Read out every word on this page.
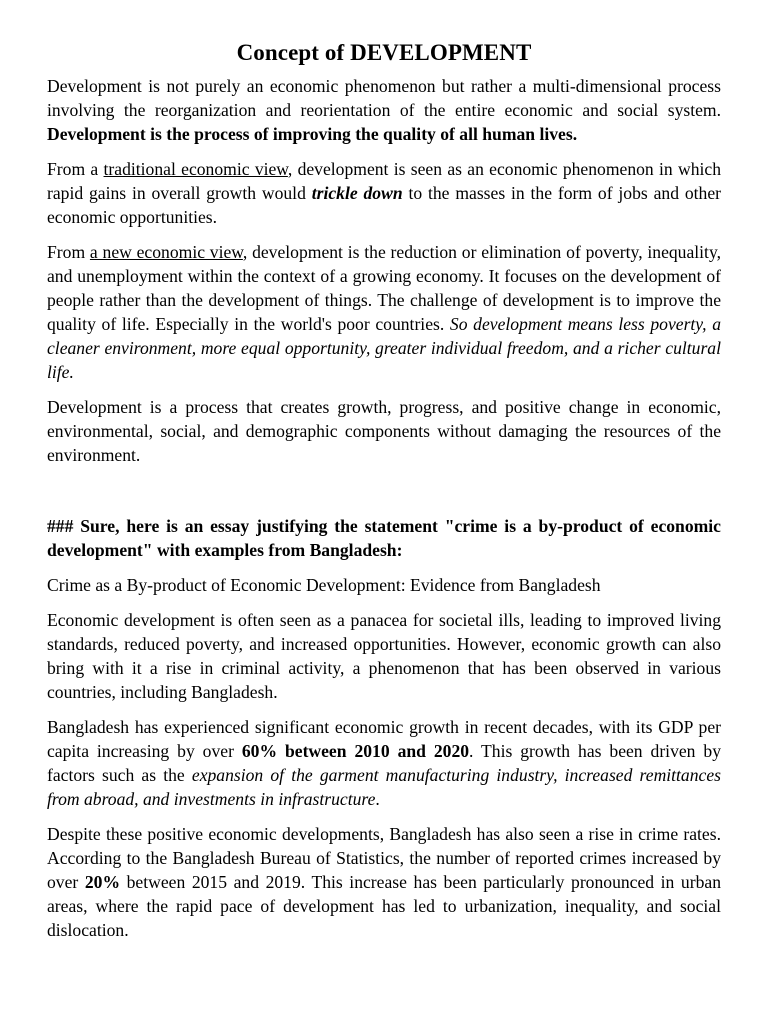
Concept of DEVELOPMENT

Development is not purely an economic phenomenon but rather a multi-dimensional process involving the reorganization and reorientation of the entire economic and social system. Development is the process of improving the quality of all human lives.

From a traditional economic view, development is seen as an economic phenomenon in which rapid gains in overall growth would trickle down to the masses in the form of jobs and other economic opportunities.

From a new economic view, development is the reduction or elimination of poverty, inequality, and unemployment within the context of a growing economy. It focuses on the development of people rather than the development of things. The challenge of development is to improve the quality of life. Especially in the world's poor countries. So development means less poverty, a cleaner environment, more equal opportunity, greater individual freedom, and a richer cultural life.

Development is a process that creates growth, progress, and positive change in economic, environmental, social, and demographic components without damaging the resources of the environment.

### Sure, here is an essay justifying the statement "crime is a by-product of economic development" with examples from Bangladesh:

Crime as a By-product of Economic Development: Evidence from Bangladesh

Economic development is often seen as a panacea for societal ills, leading to improved living standards, reduced poverty, and increased opportunities. However, economic growth can also bring with it a rise in criminal activity, a phenomenon that has been observed in various countries, including Bangladesh.

Bangladesh has experienced significant economic growth in recent decades, with its GDP per capita increasing by over 60% between 2010 and 2020. This growth has been driven by factors such as the expansion of the garment manufacturing industry, increased remittances from abroad, and investments in infrastructure.

Despite these positive economic developments, Bangladesh has also seen a rise in crime rates. According to the Bangladesh Bureau of Statistics, the number of reported crimes increased by over 20% between 2015 and 2019. This increase has been particularly pronounced in urban areas, where the rapid pace of development has led to urbanization, inequality, and social dislocation.
